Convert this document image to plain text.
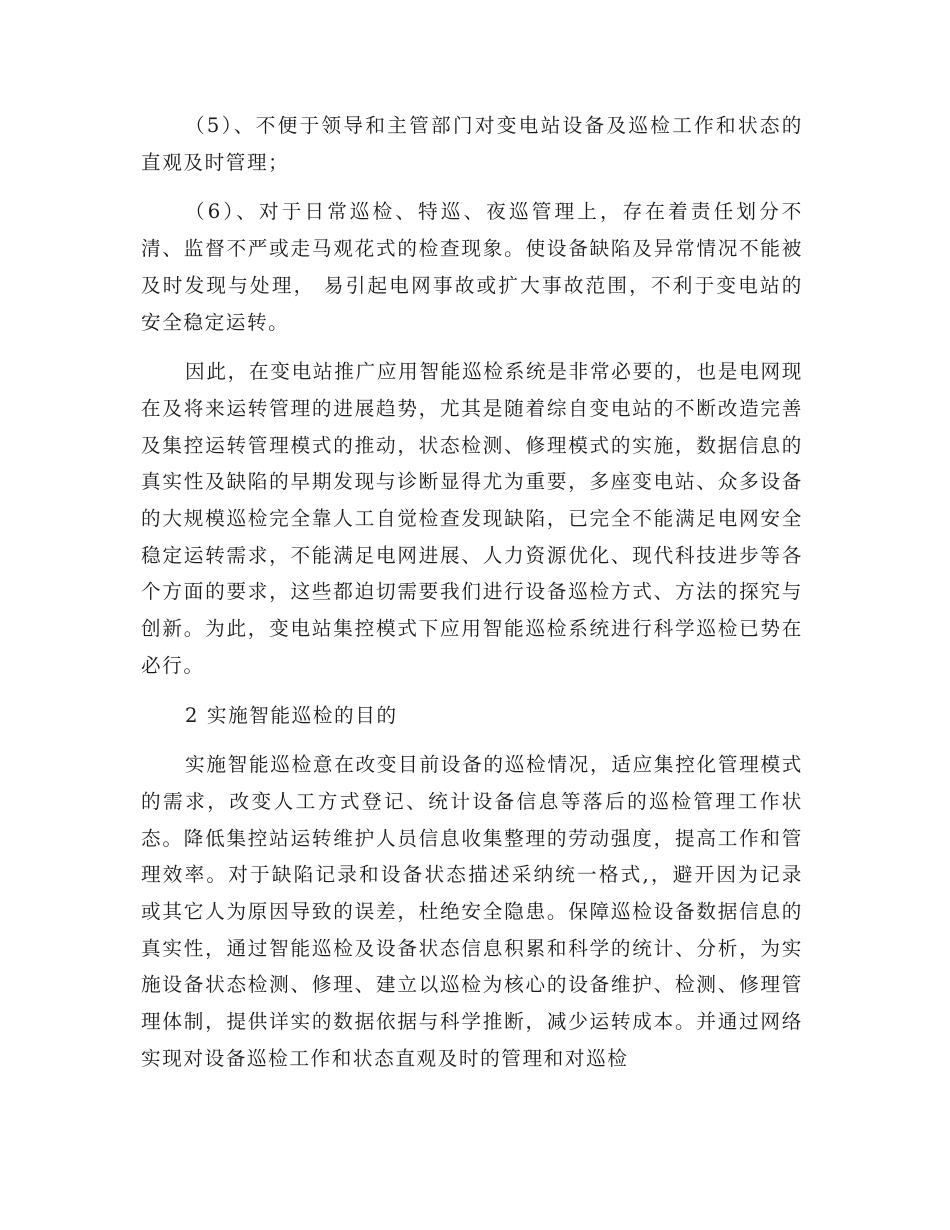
（5）、不便于领导和主管部门对变电站设备及巡检工作和状态的直观及时管理；

（6）、对于日常巡检、特巡、夜巡管理上，存在着责任划分不清、监督不严或走马观花式的检查现象。使设备缺陷及异常情况不能被及时发现与处理， 易引起电网事故或扩大事故范围，不利于变电站的安全稳定运转。

因此，在变电站推广应用智能巡检系统是非常必要的，也是电网现在及将来运转管理的进展趋势，尤其是随着综自变电站的不断改造完善及集控运转管理模式的推动，状态检测、修理模式的实施，数据信息的真实性及缺陷的早期发现与诊断显得尤为重要，多座变电站、众多设备的大规模巡检完全靠人工自觉检查发现缺陷，已完全不能满足电网安全稳定运转需求，不能满足电网进展、人力资源优化、现代科技进步等各个方面的要求，这些都迫切需要我们进行设备巡检方式、方法的探究与创新。为此，变电站集控模式下应用智能巡检系统进行科学巡检已势在必行。

2 实施智能巡检的目的

实施智能巡检意在改变目前设备的巡检情况，适应集控化管理模式的需求，改变人工方式登记、统计设备信息等落后的巡检管理工作状态。降低集控站运转维护人员信息收集整理的劳动强度，提高工作和管理效率。对于缺陷记录和设备状态描述采纳统一格式,，避开因为记录或其它人为原因导致的误差，杜绝安全隐患。保障巡检设备数据信息的真实性，通过智能巡检及设备状态信息积累和科学的统计、分析，为实施设备状态检测、修理、建立以巡检为核心的设备维护、检测、修理管理体制，提供详实的数据依据与科学推断，减少运转成本。并通过网络实现对设备巡检工作和状态直观及时的管理和对巡检
